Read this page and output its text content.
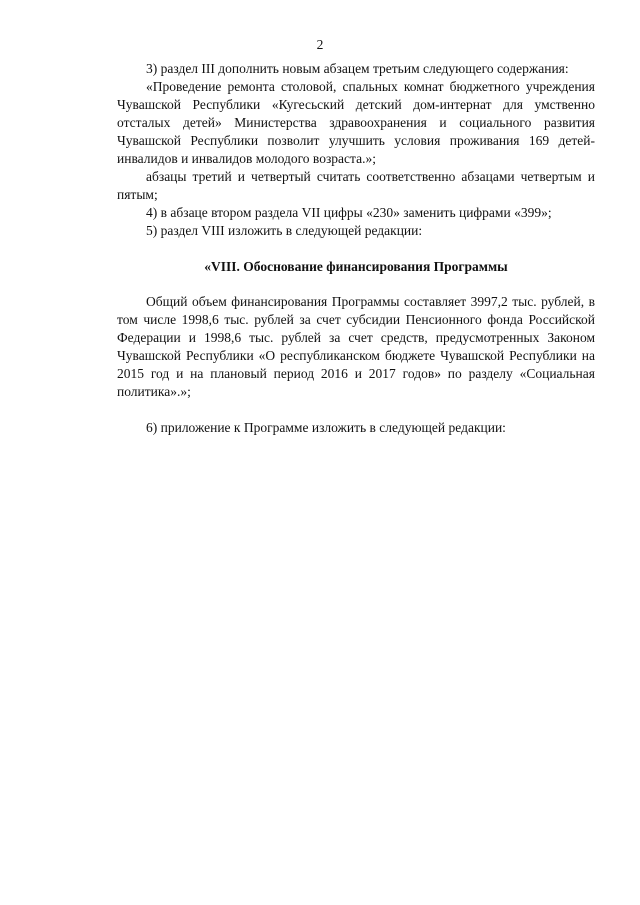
2

3) раздел III дополнить новым абзацем третьим следующего содержания:

«Проведение ремонта столовой, спальных комнат бюджетного учреждения Чувашской Республики «Кугесьский детский дом-интернат для умственно отсталых детей» Министерства здравоохранения и социального развития Чувашской Республики позволит улучшить условия проживания 169 детей-инвалидов и инвалидов молодого возраста.»;

абзацы третий и четвертый считать соответственно абзацами четвертым и пятым;

4) в абзаце втором раздела VII цифры «230» заменить цифрами «399»;

5) раздел VIII изложить в следующей редакции:

«VIII. Обоснование финансирования Программы

Общий объем финансирования Программы составляет 3997,2 тыс. рублей, в том числе 1998,6 тыс. рублей за счет субсидии Пенсионного фонда Российской Федерации и 1998,6 тыс. рублей за счет средств, предусмотренных Законом Чувашской Республики «О республиканском бюджете Чувашской Республики на 2015 год и на плановый период 2016 и 2017 годов» по разделу «Социальная политика».»;

6) приложение к Программе изложить в следующей редакции:
